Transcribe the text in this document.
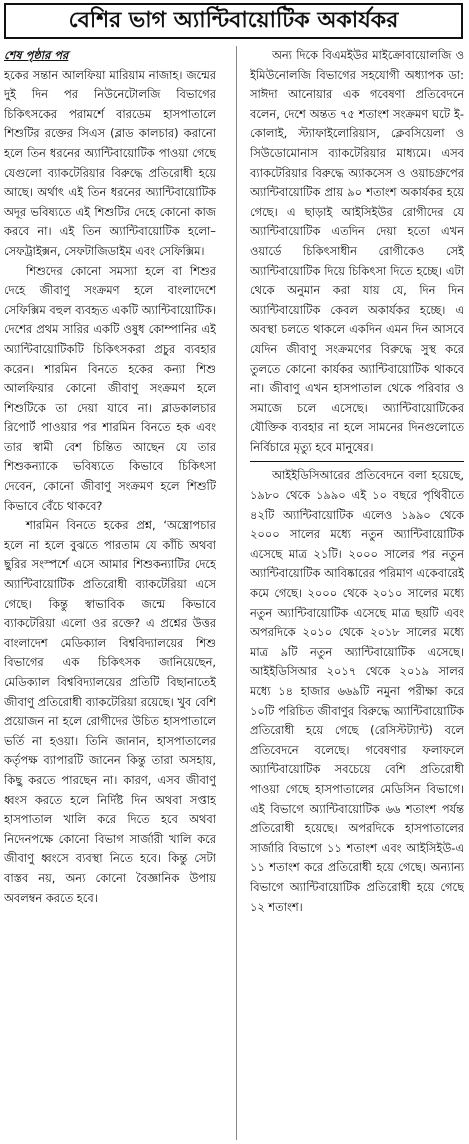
বেশির ভাগ অ্যান্টিবায়োটিক অকার্যকর
শেষ পৃষ্ঠার পর

হকের সন্তান আলফিয়া মারিয়াম নাজাহ। জন্মের দুই দিন পর নিউনেটোলজি বিভাগের চিকিৎসকের পরামর্শে বারডেম হাসপাতালে শিশুটির রক্তের সিএস (ব্লাড কালচার) করানো হলে তিন ধরনের অ্যান্টিবায়োটিক পাওয়া গেছে যেগুলো ব্যাকটেরিয়ার বিরুদ্ধে প্রতিরোধী হয়ে আছে। অর্থাৎ এই তিন ধরনের অ্যান্টিবায়োটিক অদূর ভবিষ্যতে এই শিশুটির দেহে কোনো কাজ করবে না। এই তিন অ্যান্টিবায়োটিক হলো– সেফট্রাইক্সন, সেফটাজিডাইম এবং সেফিক্সিম।

শিশুদের কোনো সমস্যা হলে বা শিশুর দেহে জীবাণু সংক্রমণ হলে বাংলাদেশে সেফিক্সিম বহুল ব্যবহৃত একটি অ্যান্টিবায়োটিক। দেশের প্রথম সারির একটি ওষুধ কোম্পানির এই অ্যান্টিবায়োটিকটি চিকিৎসকরা প্রচুর ব্যবহার করেন। শারমিন বিনতে হকের কন্যা শিশু আলফিয়ার কোনো জীবাণু সংক্রমণ হলে শিশুটিকে তা দেয়া যাবে না। ব্লাডকালচার রিপোর্ট পাওয়ার পর শারমিন বিনতে হক এবং তার স্বামী বেশ চিন্তিত আছেন যে তার শিশুকন্যাকে ভবিষ্যতে কিভাবে চিকিৎসা দেবেন, কোনো জীবাণু সংক্রমণ হলে শিশুটি কিভাবে বেঁচে থাকবে?

শারমিন বিনতে হকের প্রশ্ন, ‘অস্ত্রোপচার হলে না হলে বুঝতে পারতাম যে কাঁচি অথবা ছুরির সংস্পর্শে এসে আমার শিশুকন্যাটির দেহে অ্যান্টিবায়োটিক প্রতিরোধী ব্যাকটেরিয়া এসে গেছে। কিন্তু স্বাভাবিক জন্মে কিভাবে ব্যাকটেরিয়া এলো ওর রক্তে? এ প্রশ্নের উত্তর বাংলাদেশ মেডিক্যাল বিশ্ববিদ্যালয়ের শিশু বিভাগের এক চিকিৎসক জানিয়েছেন, মেডিক্যাল বিশ্ববিদ্যালয়ের প্রতিটি বিছানাতেই জীবাণু প্রতিরোধী ব্যাকটেরিয়া রয়েছে। খুব বেশি প্রয়োজন না হলে রোগীদের উচিত হাসপাতালে ভর্তি না হওয়া। তিনি জানান, হাসপাতালের কর্তৃপক্ষ ব্যাপারটি জানেন কিন্তু তারা অসহায়, কিছু করতে পারছেন না। কারণ, এসব জীবাণু ধ্বংস করতে হলে নির্দিষ্ট দিন অথবা সপ্তাহ হাসপাতাল খালি করে দিতে হবে অথবা নিদেনপক্ষে কোনো বিভাগ সার্জারী খালি করে জীবাণু ধ্বংসে ব্যবস্থা নিতে হবে। কিন্তু সেটা বাস্তব নয়, অন্য কোনো বৈজ্ঞানিক উপায় অবলম্বন করতে হবে।

অন্য দিকে বিএমইউর মাইক্রোবায়োলজি ও ইমিউনোলজি বিভাগের সহযোগী অধ্যাপক ডা: সাঈদা আনোয়ার এক গবেষণা প্রতিবেদনে বলেন, দেশে অন্তত ৭৫ শতাংশ সংক্রমণ ঘটে ই-কোলাই, স্ট্যাফাইলোরিয়াস, ক্লেবসিয়েলা ও সিউডোমোনাস ব্যাকটেরিয়ার মাধ্যমে। এসব ব্যাকটেরিয়ার বিরুদ্ধে অ্যাকসেস ও ওয়াচগ্রুপের অ্যান্টিবায়োটিক প্রায় ৯০ শতাংশ অকার্যকর হয়ে গেছে। এ ছাড়াই আইসিইউর রোগীদের যে অ্যান্টিবায়োটিক এতদিন দেয়া হতো এখন ওয়ার্ডে চিকিৎসাধীন রোগীকেও সেই অ্যান্টিবায়োটিক দিয়ে চিকিৎসা দিতে হচ্ছে। এটা থেকে অনুমান করা যায় যে, দিন দিন অ্যান্টিবায়োটিক কেবল অকার্যকর হচ্ছে। এ অবস্থা চলতে থাকলে একদিন এমন দিন আসবে যেদিন জীবাণু সংক্রমণের বিরুদ্ধে সুস্থ করে তুলতে কোনো কার্যকর অ্যান্টিবায়োটিক থাকবে না। জীবাণু এখন হাসপাতাল থেকে পরিবার ও সমাজে চলে এসেছে। অ্যান্টিবায়োটিকের যৌক্তিক ব্যবহার না হলে সামনের দিনগুলোতে নির্বিচারে মৃত্যু হবে মানুষের।

আইইডিসিআরের প্রতিবেদনে বলা হয়েছে, ১৯৮০ থেকে ১৯৯০ এই ১০ বছরে পৃথিবীতে ৪২টি অ্যান্টিবায়োটিক এলেও ১৯৯০ থেকে ২০০০ সালের মধ্যে নতুন অ্যান্টিবায়োটিক এসেছে মাত্র ২১টি। ২০০০ সালের পর নতুন অ্যান্টিবায়োটিক আবিষ্কারের পরিমাণ একেবারেই কমে গেছে। ২০০০ থেকে ২০১০ সালের মধ্যে নতুন অ্যান্টিবায়োটিক এসেছে মাত্র ছয়টি এবং অপরদিকে ২০১০ থেকে ২০১৮ সালের মধ্যে মাত্র ৯টি নতুন অ্যান্টিবায়োটিক এসেছে। আইইডিসিআর ২০১৭ থেকে ২০১৯ সালর মধ্যে ১৪ হাজার ৬৬৯টি নমুনা পরীক্ষা করে ১০টি পরিচিত জীবাণুর বিরুদ্ধে অ্যান্টিবায়োটিক প্রতিরোধী হয়ে গেছে (রেসিস্টট্যান্ট) বলে প্রতিবেদনে বলেছে। গবেষণার ফলাফলে অ্যান্টিবায়োটিক সবচেয়ে বেশি প্রতিরোধী পাওয়া গেছে হাসপাতালের মেডিসিন বিভাগে। এই বিভাগে অ্যান্টিবায়োটিক ৬৬ শতাংশ পর্যন্ত প্রতিরোধী হয়েছে। অপরদিকে হাসপাতালের সার্জারি বিভাগে ১১ শতাংশ এবং আইসিইউ-এ ১১ শতাংশ করে প্রতিরোধী হয়ে গেছে। অন্যান্য বিভাগে অ্যান্টিবায়োটিক প্রতিরোধী হয়ে গেছে ১২ শতাংশ।
